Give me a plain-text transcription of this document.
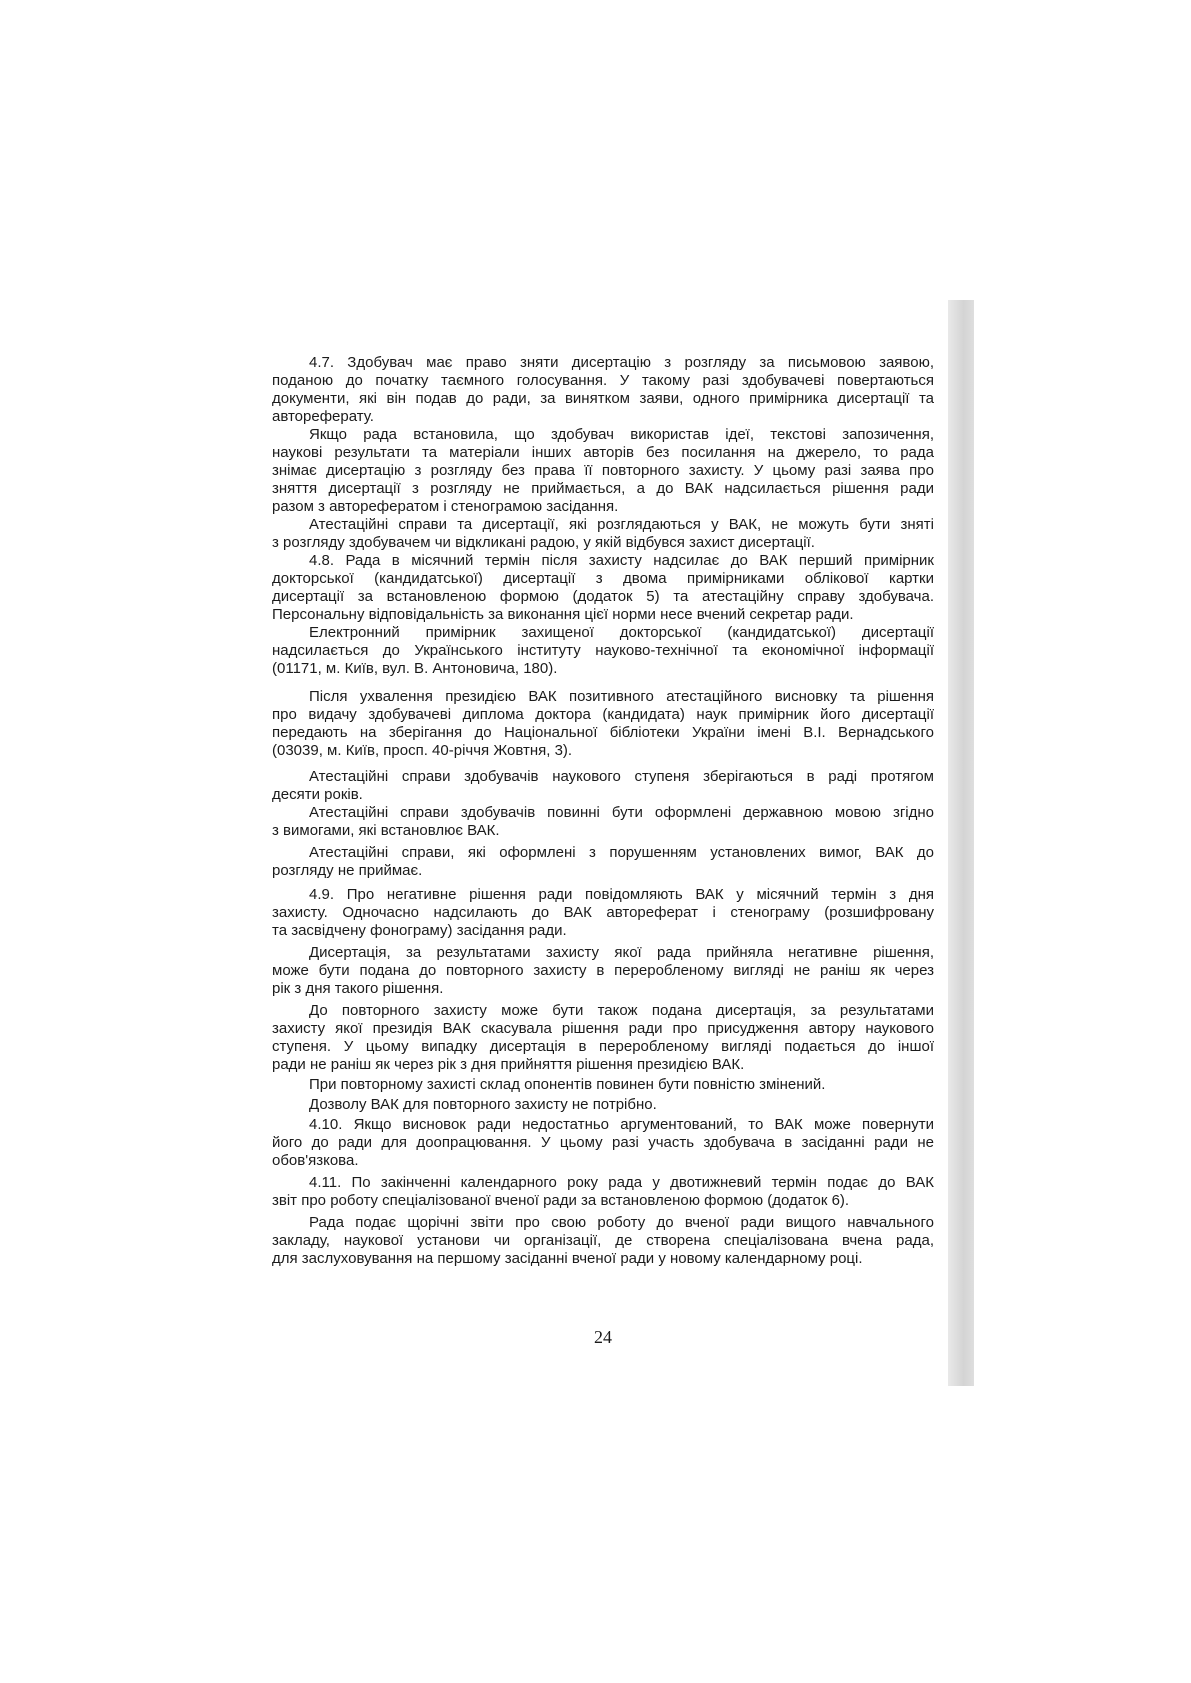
4.7. Здобувач має право зняти дисертацію з розгляду за письмовою заявою,
поданою до початку таємного голосування. У такому разі здобувачеві повертаються
документи, які він подав до ради, за винятком заяви, одного примірника дисертації та
автореферату.
Якщо рада встановила, що здобувач використав ідеї, текстові запозичення,
наукові результати та матеріали інших авторів без посилання на джерело, то рада
знімає дисертацію з розгляду без права її повторного захисту. У цьому разі заява про
зняття дисертації з розгляду не приймається, а до ВАК надсилається рішення ради
разом з авторефератом і стенограмою засідання.
Атестаційні справи та дисертації, які розглядаються у ВАК, не можуть бути зняті
з розгляду здобувачем чи відкликані радою, у якій відбувся захист дисертації.
4.8. Рада в місячний термін після захисту надсилає до ВАК перший примірник
докторської (кандидатської) дисертації з двома примірниками облікової картки
дисертації за встановленою формою (додаток 5) та атестаційну справу здобувача.
Персональну відповідальність за виконання цієї норми несе вчений секретар ради.
Електронний примірник захищеної докторської (кандидатської) дисертації
надсилається до Українського інституту науково-технічної та економічної інформації
(01171, м. Київ, вул. В. Антоновича, 180).
Після ухвалення президією ВАК позитивного атестаційного висновку та рішення
про видачу здобувачеві диплома доктора (кандидата) наук примірник його дисертації
передають на зберігання до Національної бібліотеки України імені В.І. Вернадського
(03039, м. Київ, просп. 40-річчя Жовтня, 3).
Атестаційні справи здобувачів наукового ступеня зберігаються в раді протягом
десяти років.
Атестаційні справи здобувачів повинні бути оформлені державною мовою згідно
з вимогами, які встановлює ВАК.
Атестаційні справи, які оформлені з порушенням установлених вимог, ВАК до
розгляду не приймає.
4.9. Про негативне рішення ради повідомляють ВАК у місячний термін з дня
захисту. Одночасно надсилають до ВАК автореферат і стенограму (розшифровану
та засвідчену фонограму) засідання ради.
Дисертація, за результатами захисту якої рада прийняла негативне рішення,
може бути подана до повторного захисту в переробленому вигляді не раніш як через
рік з дня такого рішення.
До повторного захисту може бути також подана дисертація, за результатами
захисту якої президія ВАК скасувала рішення ради про присудження автору наукового
ступеня. У цьому випадку дисертація в переробленому вигляді подається до іншої
ради не раніш як через рік з дня прийняття рішення президією ВАК.
При повторному захисті склад опонентів повинен бути повністю змінений.
Дозволу ВАК для повторного захисту не потрібно.
4.10. Якщо висновок ради недостатньо аргументований, то ВАК може повернути
його до ради для доопрацювання. У цьому разі участь здобувача в засіданні ради не
обов'язкова.
4.11. По закінченні календарного року рада у двотижневий термін подає до ВАК
звіт про роботу спеціалізованої вченої ради за встановленою формою (додаток 6).
Рада подає щорічні звіти про свою роботу до вченої ради вищого навчального
закладу, наукової установи чи організації, де створена спеціалізована вчена рада,
для заслуховування на першому засіданні вченої ради у новому календарному році.
24
